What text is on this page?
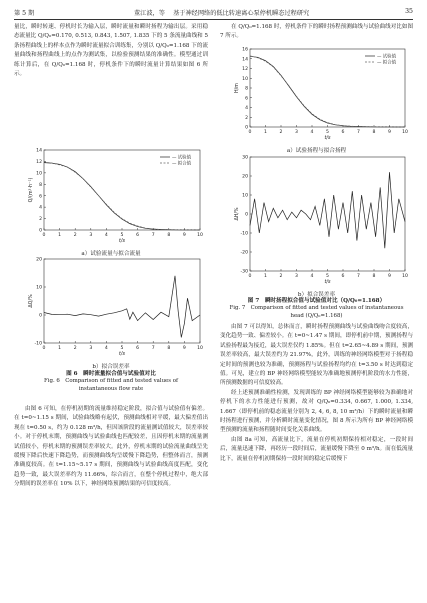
第 5 期	董江波，等　 基于神经网络的低比转速离心泵停机瞬态过程研究	35

量比，瞬时转速、停机时长为输入层，瞬时流量和瞬时扬程为输出层。采用稳态流量比 Q/Q₀=0.170, 0.513, 0.843, 1.507, 1.835 下的 5 条流量曲线和 5 条扬程曲线上的样本点作为瞬时流量拟合训练集，分别以 Q/Q₀=1.168 下的流量曲线和扬程曲线上的点作为测试集，以检验预测结果的准确性。模型通过训练计算后，在 Q/Q₀=1.168 时，停机条件下的瞬时流量计算结果如图 6 所示。

0	1	2	3	4	5	6	7	8	9 10
0
2
4
6
8
10
12
14
t/s
Q/(m³·h⁻¹)
— 试验值
— 拟合值
a）试验流量与拟合流量
0	1	2	3	4	5	6	7	8	9 10
-10
0
10
20
t/s
ΔQ/%
b）拟合误差率
图 6　瞬时流量拟合值与试验值对比
Fig. 6　Comparison of fitted and tested values of
instantaneous flow rate

由图 6 可知，在停机初期的流量维持稳定阶段，拟合值与试验值有偏差。在 t=0~1.15 s 期间，试验曲线略有起伏，预测曲线相对平缓，最大偏差值出现在 t=0.50 s，约为 0.128 m³/h，但因该阶段的流量测试值较大，误差率较小。对于停机末期，预测曲线与试验曲线也匹配较差，且因停机末期的流量测试值较小，停机末期的预测误差率较大。此外，停机末期的试验流量曲线呈先缓慢下降后快速下降趋势，而预测曲线均呈缓慢下降趋势，但整体而言，预测准确度较高。在 t=1.15~5.17 s 期间，预测曲线与试验曲线高度匹配，变化趋势一致，最大误差率约为 11.66%，综合而言，在整个停机过程中，绝大部分期间的误差率在 10% 以下，神经网络预测结果的可信度较高。

在 Q/Q₀=1.168 时，停机条件下的瞬时扬程预测曲线与试验曲线对比如图 7 所示。

0	1	2	3	4	5	6	7	8	9 10
0
2
4
6
8
10
12
14
16
t/s
H/m
— 试验值
— 拟合值
a）试验扬程与拟合扬程
0	1	2	3	4	5	6	7	8	9 10
-30
-20
-10
0
10
20
30
t/s
ΔH/%
b）拟合误差率
图 7　瞬时扬程拟合值与试验值对比（Q/Q₀=1.168）
Fig. 7　Comparison of fitted and tested values of instantaneous
head (Q/Q₀=1.168)

由图 7 可以得知，总体而言，瞬时扬程预测曲线与试验曲线吻合度较高，变化趋势一致、偏差较小。在 t=0~1.47 s 期间，即停机前中期，预测扬程与试验扬程最为接近，最大误差仅约 1.85%。但在 t=2.65~4.89 s 期间，预测误差率较高，最大误差约为 21.97%，此外，训练的神经网络模型对于扬程稳定时间的预测也较为准确，预测扬程与试验扬程均约在 t=3.50 s 时达到稳定值。可见，建立的 BP 神经网络模型能较为准确地预测停机阶段的水力性能，所预测数据的可信度较高。

经上述预测准确性检测，发现训练的 BP 神经网络模型能够较为准确地对停机下的水力性能进行预测，故对 Q/Q₀=0.334, 0.667, 1.000, 1.334, 1.667（即停机前的稳态流量分别为 2, 4, 6, 8, 10 m³/h）下的瞬时流量和瞬时扬程进行预测，并分析瞬时流量变化情况，图 8 所示为所有 BP 神经网络模型预测的流量和扬程随时间变化关系曲线。

由图 8a 可知，高流量比下，流量在停机初期保持相对稳定，一段时间后，流量迅速下降，再经历一段时间后，流量缓慢下降至 0 m³/h。而在低流量比下，流量在停机初期保持一段时间的稳定后缓慢下
